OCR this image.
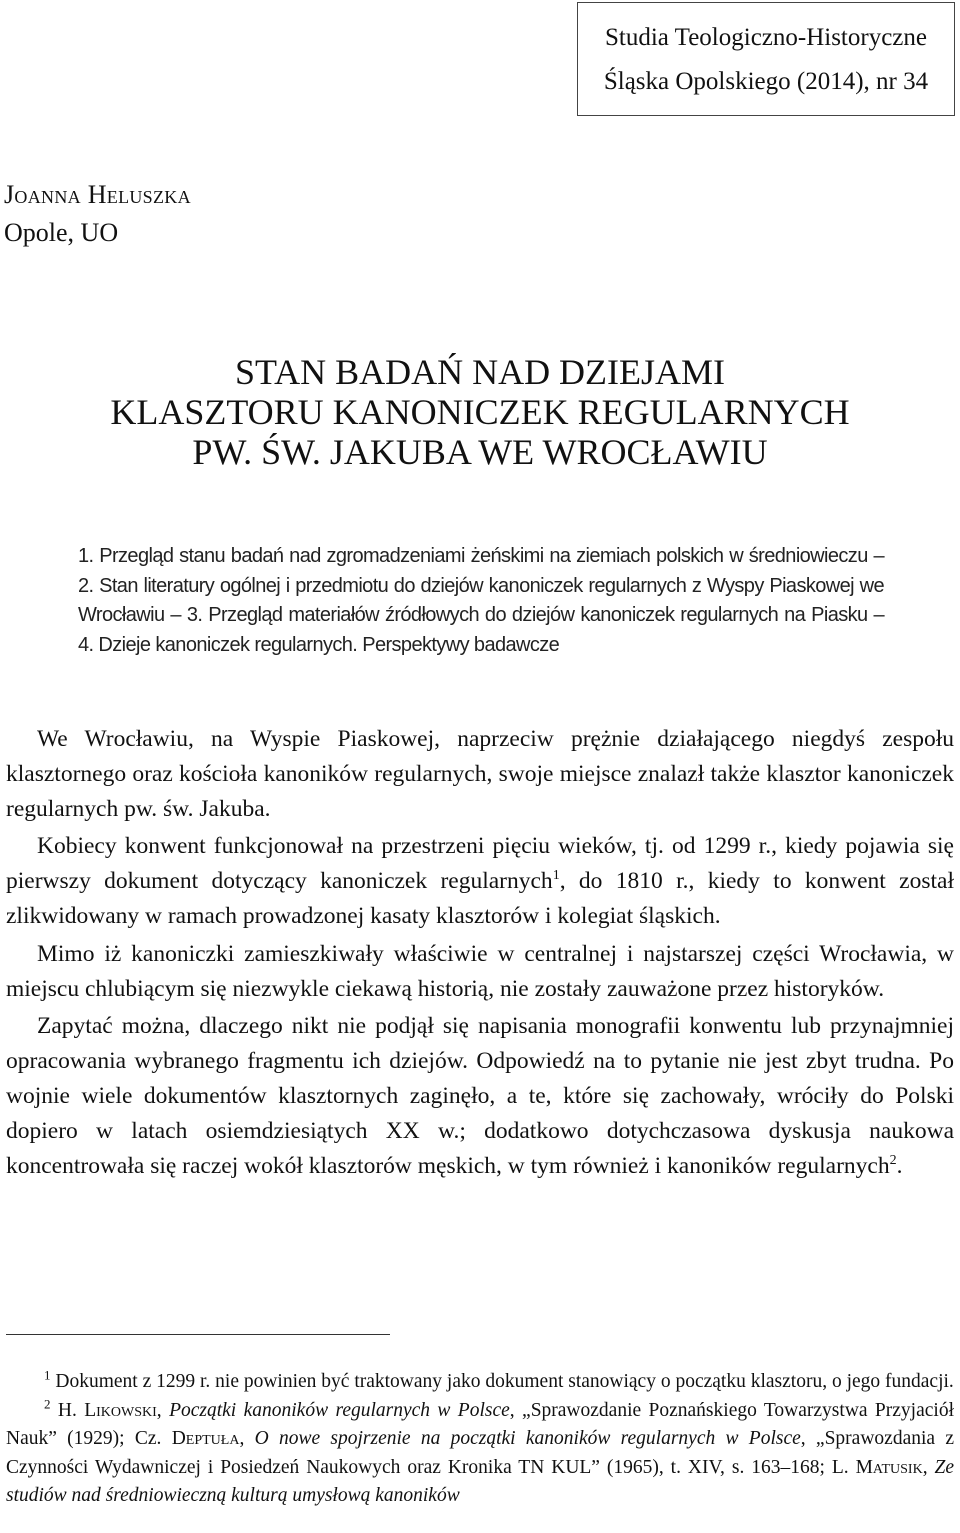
Studia Teologiczno-Historyczne
Śląska Opolskiego (2014), nr 34
Joanna Heluszka
Opole, UO
STAN BADAŃ NAD DZIEJAMI
KLASZTORU KANONICZEK REGULARNYCH
PW. ŚW. JAKUBA WE WROCŁAWIU
1. Przegląd stanu badań nad zgromadzeniami żeńskimi na ziemiach polskich w średniowieczu – 2. Stan literatury ogólnej i przedmiotu do dziejów kanoniczek regularnych z Wyspy Piaskowej we Wrocławiu – 3. Przegląd materiałów źródłowych do dziejów kanoniczek regularnych na Piasku – 4. Dzieje kanoniczek regularnych. Perspektywy badawcze

We Wrocławiu, na Wyspie Piaskowej, naprzeciw prężnie działającego niegdyś zespołu klasztornego oraz kościoła kanoników regularnych, swoje miejsce znalazł także klasztor kanoniczek regularnych pw. św. Jakuba.

Kobiecy konwent funkcjonował na przestrzeni pięciu wieków, tj. od 1299 r., kiedy pojawia się pierwszy dokument dotyczący kanoniczek regularnych$^1$, do 1810 r., kiedy to konwent został zlikwidowany w ramach prowadzonej kasaty klasztorów i kolegiat śląskich.

Mimo iż kanoniczki zamieszkiwały właściwie w centralnej i najstarszej części Wrocławia, w miejscu chlubiącym się niezwykle ciekawą historią, nie zostały zauważone przez historyków.

Zapytać można, dlaczego nikt nie podjął się napisania monografii konwentu lub przynajmniej opracowania wybranego fragmentu ich dziejów. Odpowiedź na to pytanie nie jest zbyt trudna. Po wojnie wiele dokumentów klasztornych zaginęło, a te, które się zachowały, wróciły do Polski dopiero w latach osiemdziesiątych XX w.; dodatkowo dotychczasowa dyskusja naukowa koncentrowała się raczej wokół klasztorów męskich, w tym również i kanoników regularnych$^2$.

$^1$ Dokument z 1299 r. nie powinien być traktowany jako dokument stanowiący o początku klasztoru, o jego fundacji.

$^2$ H. Likowski, Początki kanoników regularnych w Polsce, „Sprawozdanie Poznańskiego Towarzystwa Przyjaciół Nauk” (1929); Cz. Deptuła, O nowe spojrzenie na początki kanoników regularnych w Polsce, „Sprawozdania z Czynności Wydawniczej i Posiedzeń Naukowych oraz Kronika TN KUL” (1965), t. XIV, s. 163–168; L. Matusik, Ze studiów nad średniowieczną kulturą umysłową kanoników
